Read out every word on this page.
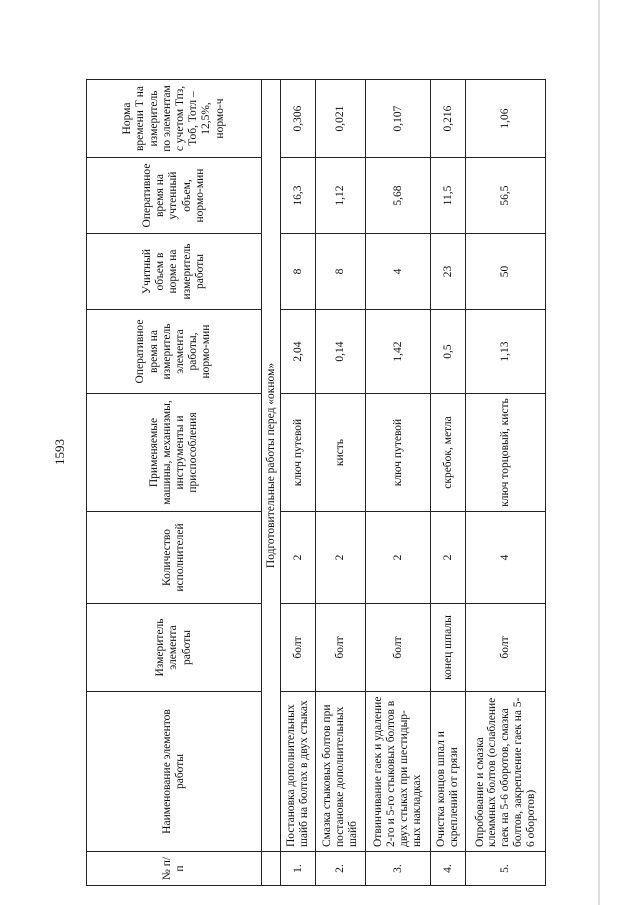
1593
№ п/п	Наименование элементов работы	Измеритель элемента работы	Количество исполнителей	Применяемые машины, механизмы, инструменты и приспособления	Оперативное время на измеритель элемента работы, нормо-мин	Учитный объем в норме на измеритель работы	Оперативное время на учтенный объем, нормо-мин	Норма времени Т на измеритель по элементам с учетом Тпз, Тоб, Тотл – 12,5%, нормо-ч
	Подготовительные работы перед «окном»							
1.	Постановка дополнительных шайб на болтах в двух стыках	болт	2	ключ путевой	2,04	8	16,3	0,306
2.	Смазка стыковых болтов при постановке дополнительных шайб	болт	2	кисть	0,14	8	1,12	0,021
3.	Отвинчивание гаек и удаление 2-го и 5-го стыковых болтов в двух стыках при шестидыр-ных накладках	болт	2	ключ путевой	1,42	4	5,68	0,107
4.	Очистка концов шпал и скреплений от грязи	конец шпалы	2	скребок, метла	0,5	23	11,5	0,216
5.	Опробование и смазка клеммных болтов (ослабление гаек на 5-6 оборотов, смазка болтов, закрепление гаек на 5-6 оборотов)	болт	4	ключ торцовый, кисть	1,13	50	56,5	1,06
